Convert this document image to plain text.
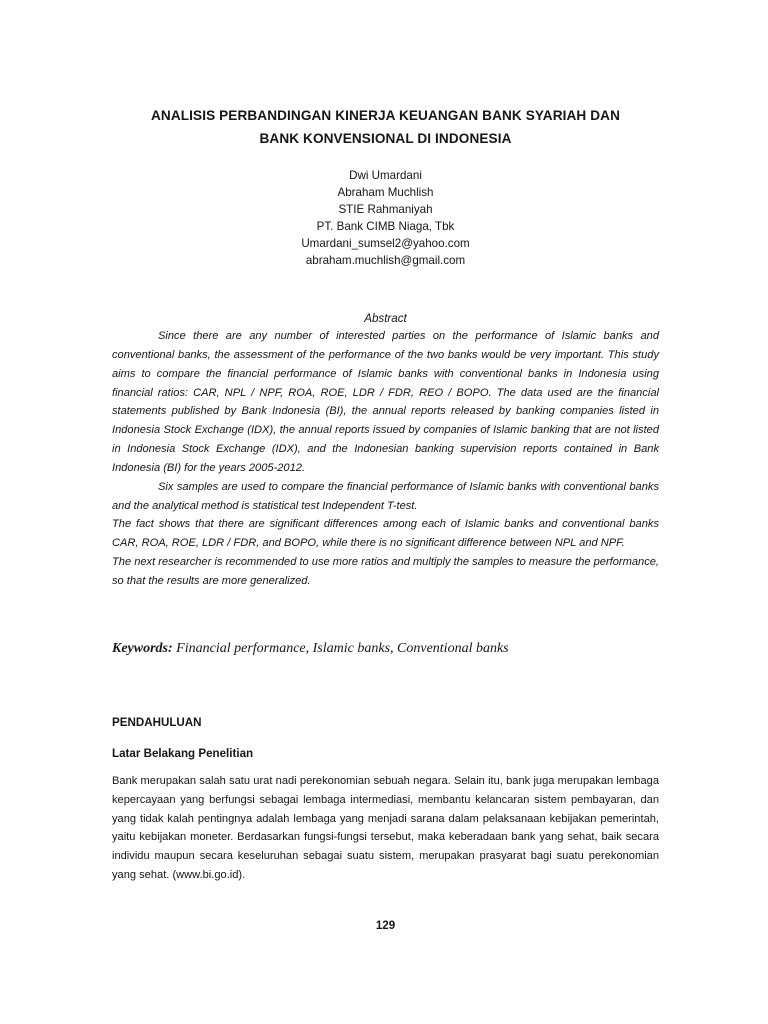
ANALISIS PERBANDINGAN KINERJA KEUANGAN BANK SYARIAH DAN
BANK KONVENSIONAL DI INDONESIA
Dwi Umardani
Abraham Muchlish
STIE Rahmaniyah
PT. Bank CIMB Niaga, Tbk
Umardani_sumsel2@yahoo.com
abraham.muchlish@gmail.com
Abstract

Since there are any number of interested parties on the performance of Islamic banks and conventional banks, the assessment of the performance of the two banks would be very important. This study aims to compare the financial performance of Islamic banks with conventional banks in Indonesia using financial ratios: CAR, NPL / NPF, ROA, ROE, LDR / FDR, REO / BOPO. The data used are the financial statements published by Bank Indonesia (BI), the annual reports released by banking companies listed in Indonesia Stock Exchange (IDX), the annual reports issued by companies of Islamic banking that are not listed in Indonesia Stock Exchange (IDX), and the Indonesian banking supervision reports contained in Bank Indonesia (BI) for the years 2005-2012.

Six samples are used to compare the financial performance of Islamic banks with conventional banks and the analytical method is statistical test Independent T-test.

The fact shows that there are significant differences among each of Islamic banks and conventional banks CAR, ROA, ROE, LDR / FDR, and BOPO, while there is no significant difference between NPL and NPF.

The next researcher is recommended to use more ratios and multiply the samples to measure the performance, so that the results are more generalized.

Keywords: Financial performance, Islamic banks, Conventional banks
PENDAHULUAN
Latar Belakang Penelitian

Bank merupakan salah satu urat nadi perekonomian sebuah negara. Selain itu, bank juga merupakan lembaga kepercayaan yang berfungsi sebagai lembaga intermediasi, membantu kelancaran sistem pembayaran, dan yang tidak kalah pentingnya adalah lembaga yang menjadi sarana dalam pelaksanaan kebijakan pemerintah, yaitu kebijakan moneter. Berdasarkan fungsi-fungsi tersebut, maka keberadaan bank yang sehat, baik secara individu maupun secara keseluruhan sebagai suatu sistem, merupakan prasyarat bagi suatu perekonomian yang sehat. (www.bi.go.id).

129
